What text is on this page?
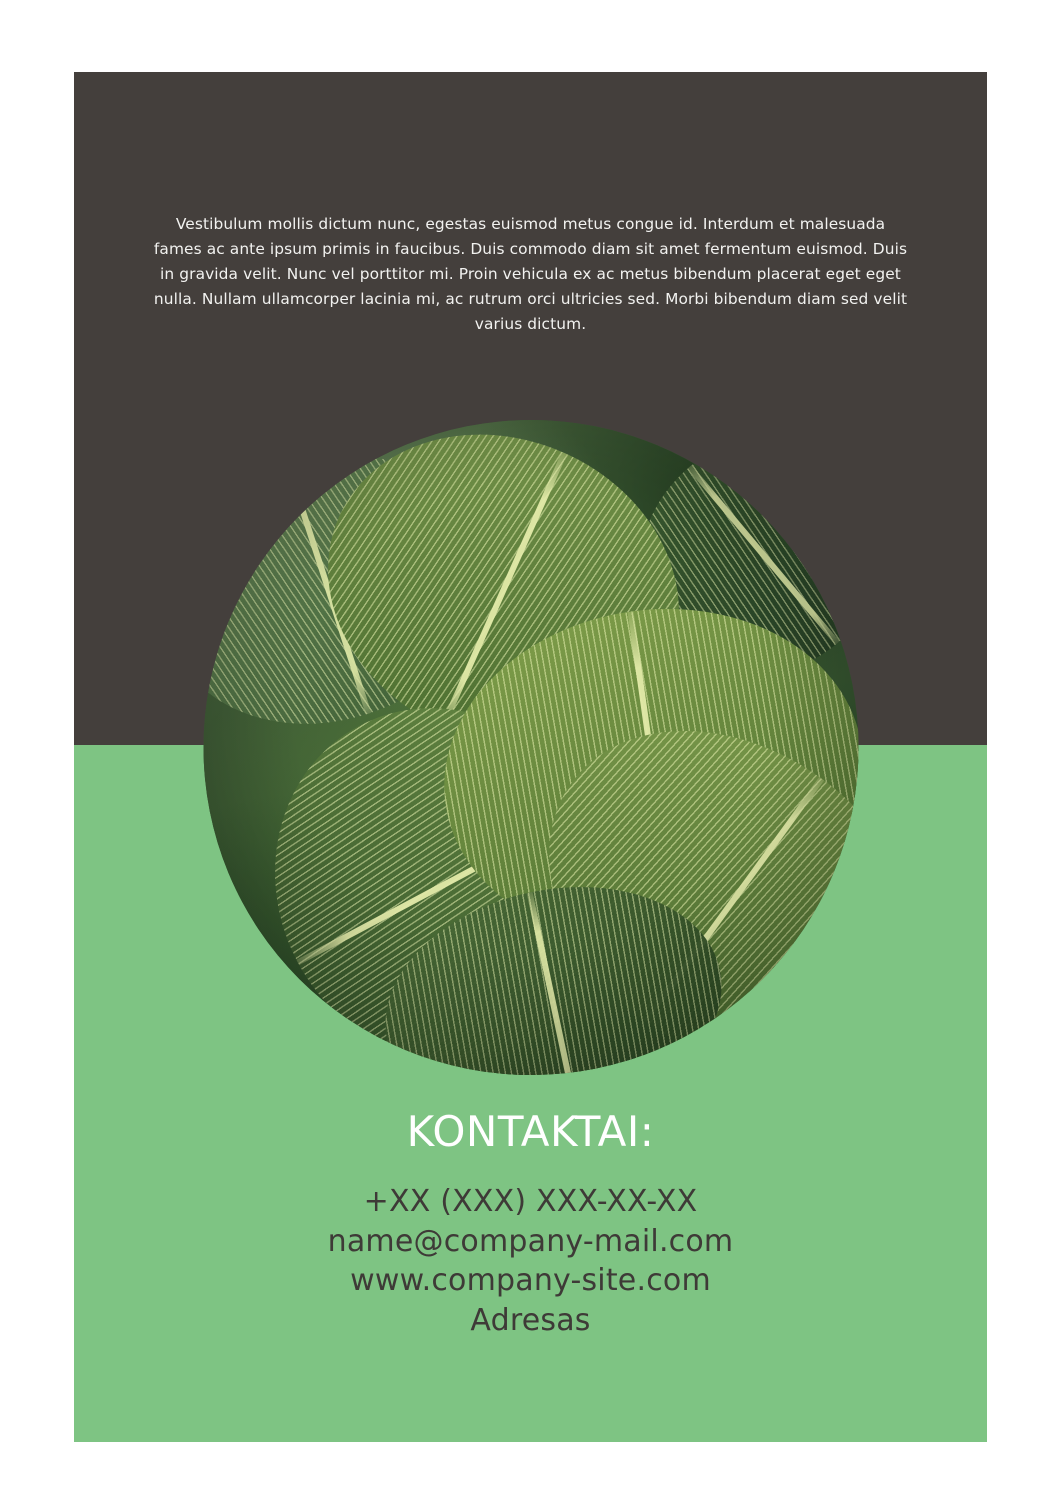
Vestibulum mollis dictum nunc, egestas euismod metus congue id. Interdum et malesuada fames ac ante ipsum primis in faucibus. Duis commodo diam sit amet fermentum euismod. Duis in gravida velit. Nunc vel porttitor mi. Proin vehicula ex ac metus bibendum placerat eget eget nulla. Nullam ullamcorper lacinia mi, ac rutrum orci ultricies sed. Morbi bibendum diam sed velit varius dictum.

KONTAKTAI:
+XX (XXX) XXX-XX-XX
name@company-mail.com
www.company-site.com
Adresas
